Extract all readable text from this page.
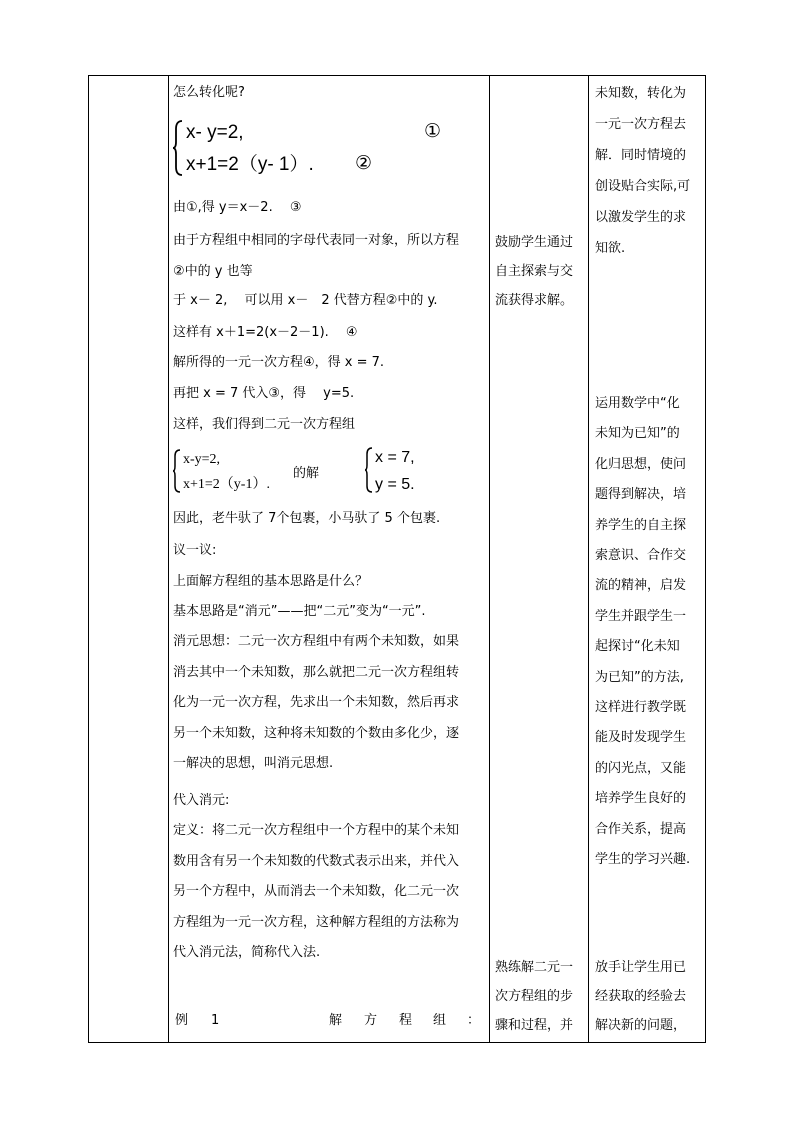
怎么转化呢?
x- y=2,	①
x+1=2（y- 1）. ②
由①,得 y＝x－2.　 ③
由于方程组中相同的字母代表同一对象，所以方程
②中的 y 也等
于 x－ 2,　 可以用 x－　2 代替方程②中的 y.
这样有 x＋1=2(x－2－1).　 ④
解所得的一元一次方程④，得 x = 7.
再把 x = 7 代入③，得　 y=5.
这样，我们得到二元一次方程组
x-y=2,
x+1=2（y-1）.
的解
x = 7,
y = 5.
因此，老牛驮了 7个包裹，小马驮了 5 个包裹.
议一议:
上面解方程组的基本思路是什么？
基本思路是“消元”——把“二元”变为“一元”.
消元思想：二元一次方程组中有两个未知数，如果
消去其中一个未知数，那么就把二元一次方程组转
化为一元一次方程，先求出一个未知数，然后再求
另一个未知数，这种将未知数的个数由多化少，逐
一解决的思想，叫消元思想.
代入消元:
定义：将二元一次方程组中一个方程中的某个未知
数用含有另一个未知数的代数式表示出来，并代入
另一个方程中，从而消去一个未知数，化二元一次
方程组为一元一次方程，这种解方程组的方法称为
代入消元法，简称代入法.
例 1	解 方 程 组 ：
鼓励学生通过
自主探索与交
流获得求解。
熟练解二元一
次方程组的步
骤和过程，并
未知数，转化为
一元一次方程去
解．同时情境的
创设贴合实际,可
以激发学生的求
知欲.
运用数学中“化
未知为已知”的
化归思想，使问
题得到解决，培
养学生的自主探
索意识、合作交
流的精神，启发
学生并跟学生一
起探讨“化未知
为已知”的方法,
这样进行教学既
能及时发现学生
的闪光点，又能
培养学生良好的
合作关系，提高
学生的学习兴趣.
放手让学生用已
经获取的经验去
解决新的问题，
